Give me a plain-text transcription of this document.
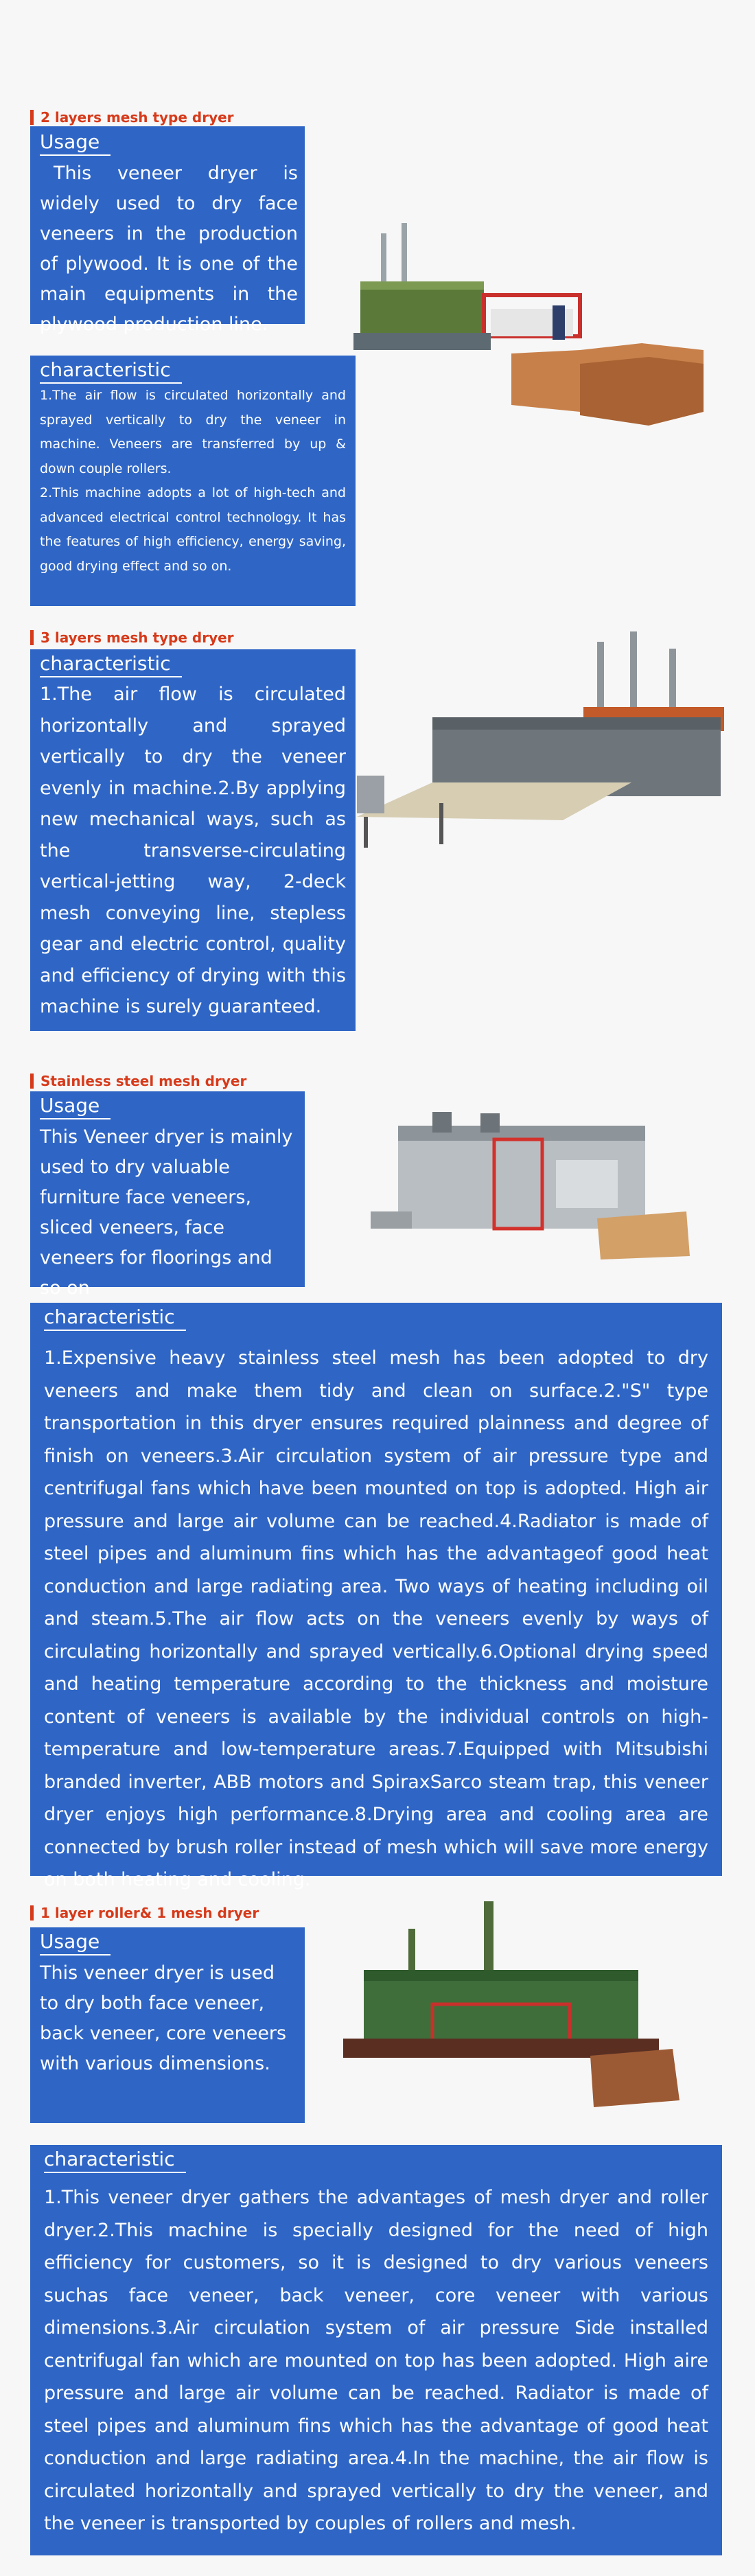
2 layers mesh type dryer
Usage
This veneer dryer is widely used to dry face veneers in the production of plywood. It is one of the main equipments in the plywood production line.
characteristic
1.The air flow is circulated horizontally and sprayed vertically to dry the veneer in machine. Veneers are transferred by up & down couple rollers.
2.This machine adopts a lot of high-tech and advanced electrical control technology. It has the features of high efficiency, energy saving, good drying effect and so on.
3 layers mesh type dryer
characteristic
1.The air flow is circulated horizontally and sprayed vertically to dry the veneer evenly in machine.2.By applying new mechanical ways, such as the transverse-circulating vertical-jetting way, 2-deck mesh conveying line, stepless gear and electric control, quality and efficiency of drying with this machine is surely guaranteed.
Stainless steel mesh dryer
Usage
This Veneer dryer is mainly used to dry valuable furniture face veneers, sliced veneers, face veneers for floorings and so on
characteristic
1.Expensive heavy stainless steel mesh has been adopted to dry veneers and make them tidy and clean on surface.2."S" type transportation in this dryer ensures required plainness and degree of finish on veneers.3.Air circulation system of air pressure type and centrifugal fans which have been mounted on top is adopted. High air pressure and large air volume can be reached.4.Radiator is made of steel pipes and aluminum fins which has the advantageof good heat conduction and large radiating area. Two ways of heating including oil and steam.5.The air flow acts on the veneers evenly by ways of circulating horizontally and sprayed vertically.6.Optional drying speed and heating temperature according to the thickness and moisture content of veneers is available by the individual controls on high-temperature and low-temperature areas.7.Equipped with Mitsubishi branded inverter, ABB motors and SpiraxSarco steam trap, this veneer dryer enjoys high performance.8.Drying area and cooling area are connected by brush roller instead of mesh which will save more energy on both heating and cooling.
1 layer roller& 1 mesh dryer
Usage
This veneer dryer is used to dry both face veneer, back veneer, core veneers with various dimensions.
characteristic
1.This veneer dryer gathers the advantages of mesh dryer and roller dryer.2.This machine is specially designed for the need of high efficiency for customers, so it is designed to dry various veneers suchas face veneer, back veneer, core veneer with various dimensions.3.Air circulation system of air pressure Side installed centrifugal fan which are mounted on top has been adopted. High aire pressure and large air volume can be reached. Radiator is made of steel pipes and aluminum fins which has the advantage of good heat conduction and large radiating area.4.In the machine, the air flow is circulated horizontally and sprayed vertically to dry the veneer, and the veneer is transported by couples of rollers and mesh.
